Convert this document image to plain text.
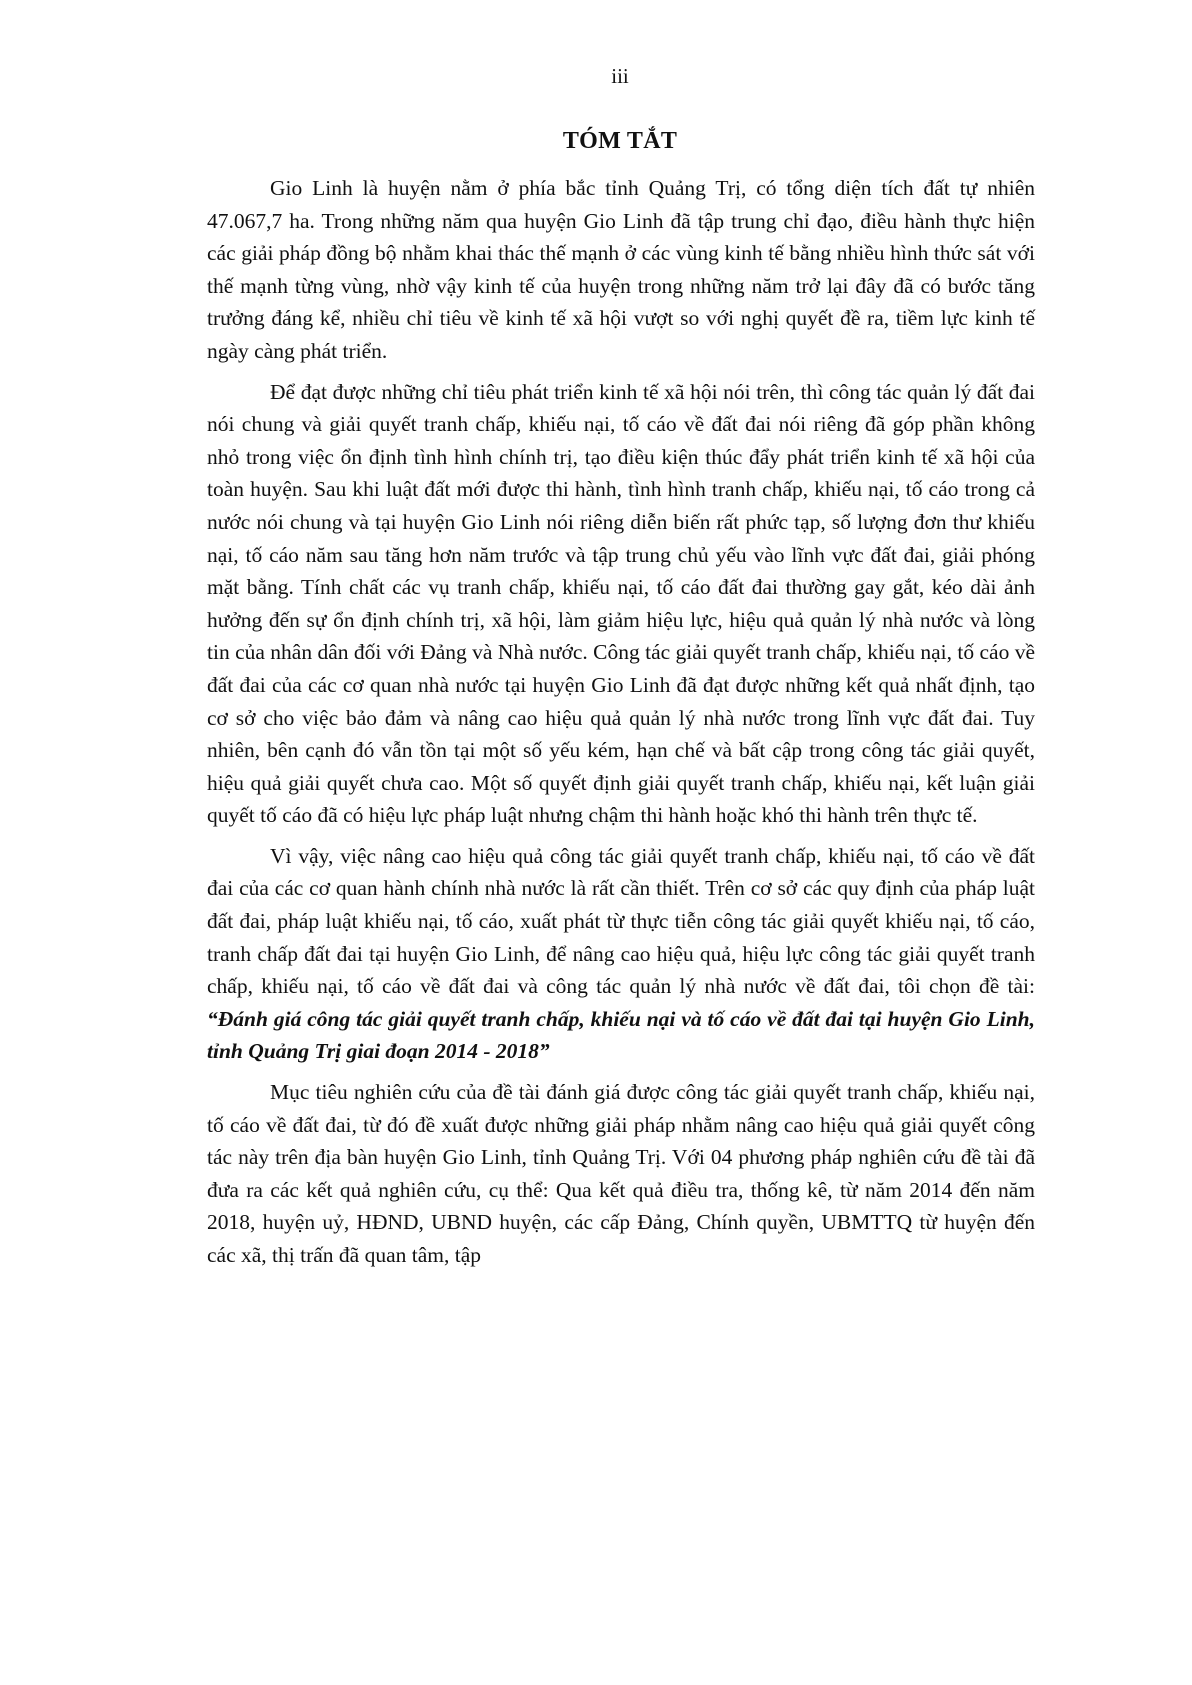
iii
TÓM TẮT

Gio Linh là huyện nằm ở phía bắc tỉnh Quảng Trị, có tổng diện tích đất tự nhiên 47.067,7 ha. Trong những năm qua huyện Gio Linh đã tập trung chỉ đạo, điều hành thực hiện các giải pháp đồng bộ nhằm khai thác thế mạnh ở các vùng kinh tế bằng nhiều hình thức sát với thế mạnh từng vùng, nhờ vậy kinh tế của huyện trong những năm trở lại đây đã có bước tăng trưởng đáng kể, nhiều chỉ tiêu về kinh tế xã hội vượt so với nghị quyết đề ra, tiềm lực kinh tế ngày càng phát triển.

Để đạt được những chỉ tiêu phát triển kinh tế xã hội nói trên, thì công tác quản lý đất đai nói chung và giải quyết tranh chấp, khiếu nại, tố cáo về đất đai nói riêng đã góp phần không nhỏ trong việc ổn định tình hình chính trị, tạo điều kiện thúc đẩy phát triển kinh tế xã hội của toàn huyện. Sau khi luật đất mới được thi hành, tình hình tranh chấp, khiếu nại, tố cáo trong cả nước nói chung và tại huyện Gio Linh nói riêng diễn biến rất phức tạp, số lượng đơn thư khiếu nại, tố cáo năm sau tăng hơn năm trước và tập trung chủ yếu vào lĩnh vực đất đai, giải phóng mặt bằng. Tính chất các vụ tranh chấp, khiếu nại, tố cáo đất đai thường gay gắt, kéo dài ảnh hưởng đến sự ổn định chính trị, xã hội, làm giảm hiệu lực, hiệu quả quản lý nhà nước và lòng tin của nhân dân đối với Đảng và Nhà nước. Công tác giải quyết tranh chấp, khiếu nại, tố cáo về đất đai của các cơ quan nhà nước tại huyện Gio Linh đã đạt được những kết quả nhất định, tạo cơ sở cho việc bảo đảm và nâng cao hiệu quả quản lý nhà nước trong lĩnh vực đất đai. Tuy nhiên, bên cạnh đó vẫn tồn tại một số yếu kém, hạn chế và bất cập trong công tác giải quyết, hiệu quả giải quyết chưa cao. Một số quyết định giải quyết tranh chấp, khiếu nại, kết luận giải quyết tố cáo đã có hiệu lực pháp luật nhưng chậm thi hành hoặc khó thi hành trên thực tế.

Vì vậy, việc nâng cao hiệu quả công tác giải quyết tranh chấp, khiếu nại, tố cáo về đất đai của các cơ quan hành chính nhà nước là rất cần thiết. Trên cơ sở các quy định của pháp luật đất đai, pháp luật khiếu nại, tố cáo, xuất phát từ thực tiễn công tác giải quyết khiếu nại, tố cáo, tranh chấp đất đai tại huyện Gio Linh, để nâng cao hiệu quả, hiệu lực công tác giải quyết tranh chấp, khiếu nại, tố cáo về đất đai và công tác quản lý nhà nước về đất đai, tôi chọn đề tài: “Đánh giá công tác giải quyết tranh chấp, khiếu nại và tố cáo về đất đai tại huyện Gio Linh, tỉnh Quảng Trị giai đoạn 2014 - 2018”

Mục tiêu nghiên cứu của đề tài đánh giá được công tác giải quyết tranh chấp, khiếu nại, tố cáo về đất đai, từ đó đề xuất được những giải pháp nhằm nâng cao hiệu quả giải quyết công tác này trên địa bàn huyện Gio Linh, tỉnh Quảng Trị. Với 04 phương pháp nghiên cứu đề tài đã đưa ra các kết quả nghiên cứu, cụ thể: Qua kết quả điều tra, thống kê, từ năm 2014 đến năm 2018, huyện uỷ, HĐND, UBND huyện, các cấp Đảng, Chính quyền, UBMTTQ từ huyện đến các xã, thị trấn đã quan tâm, tập
